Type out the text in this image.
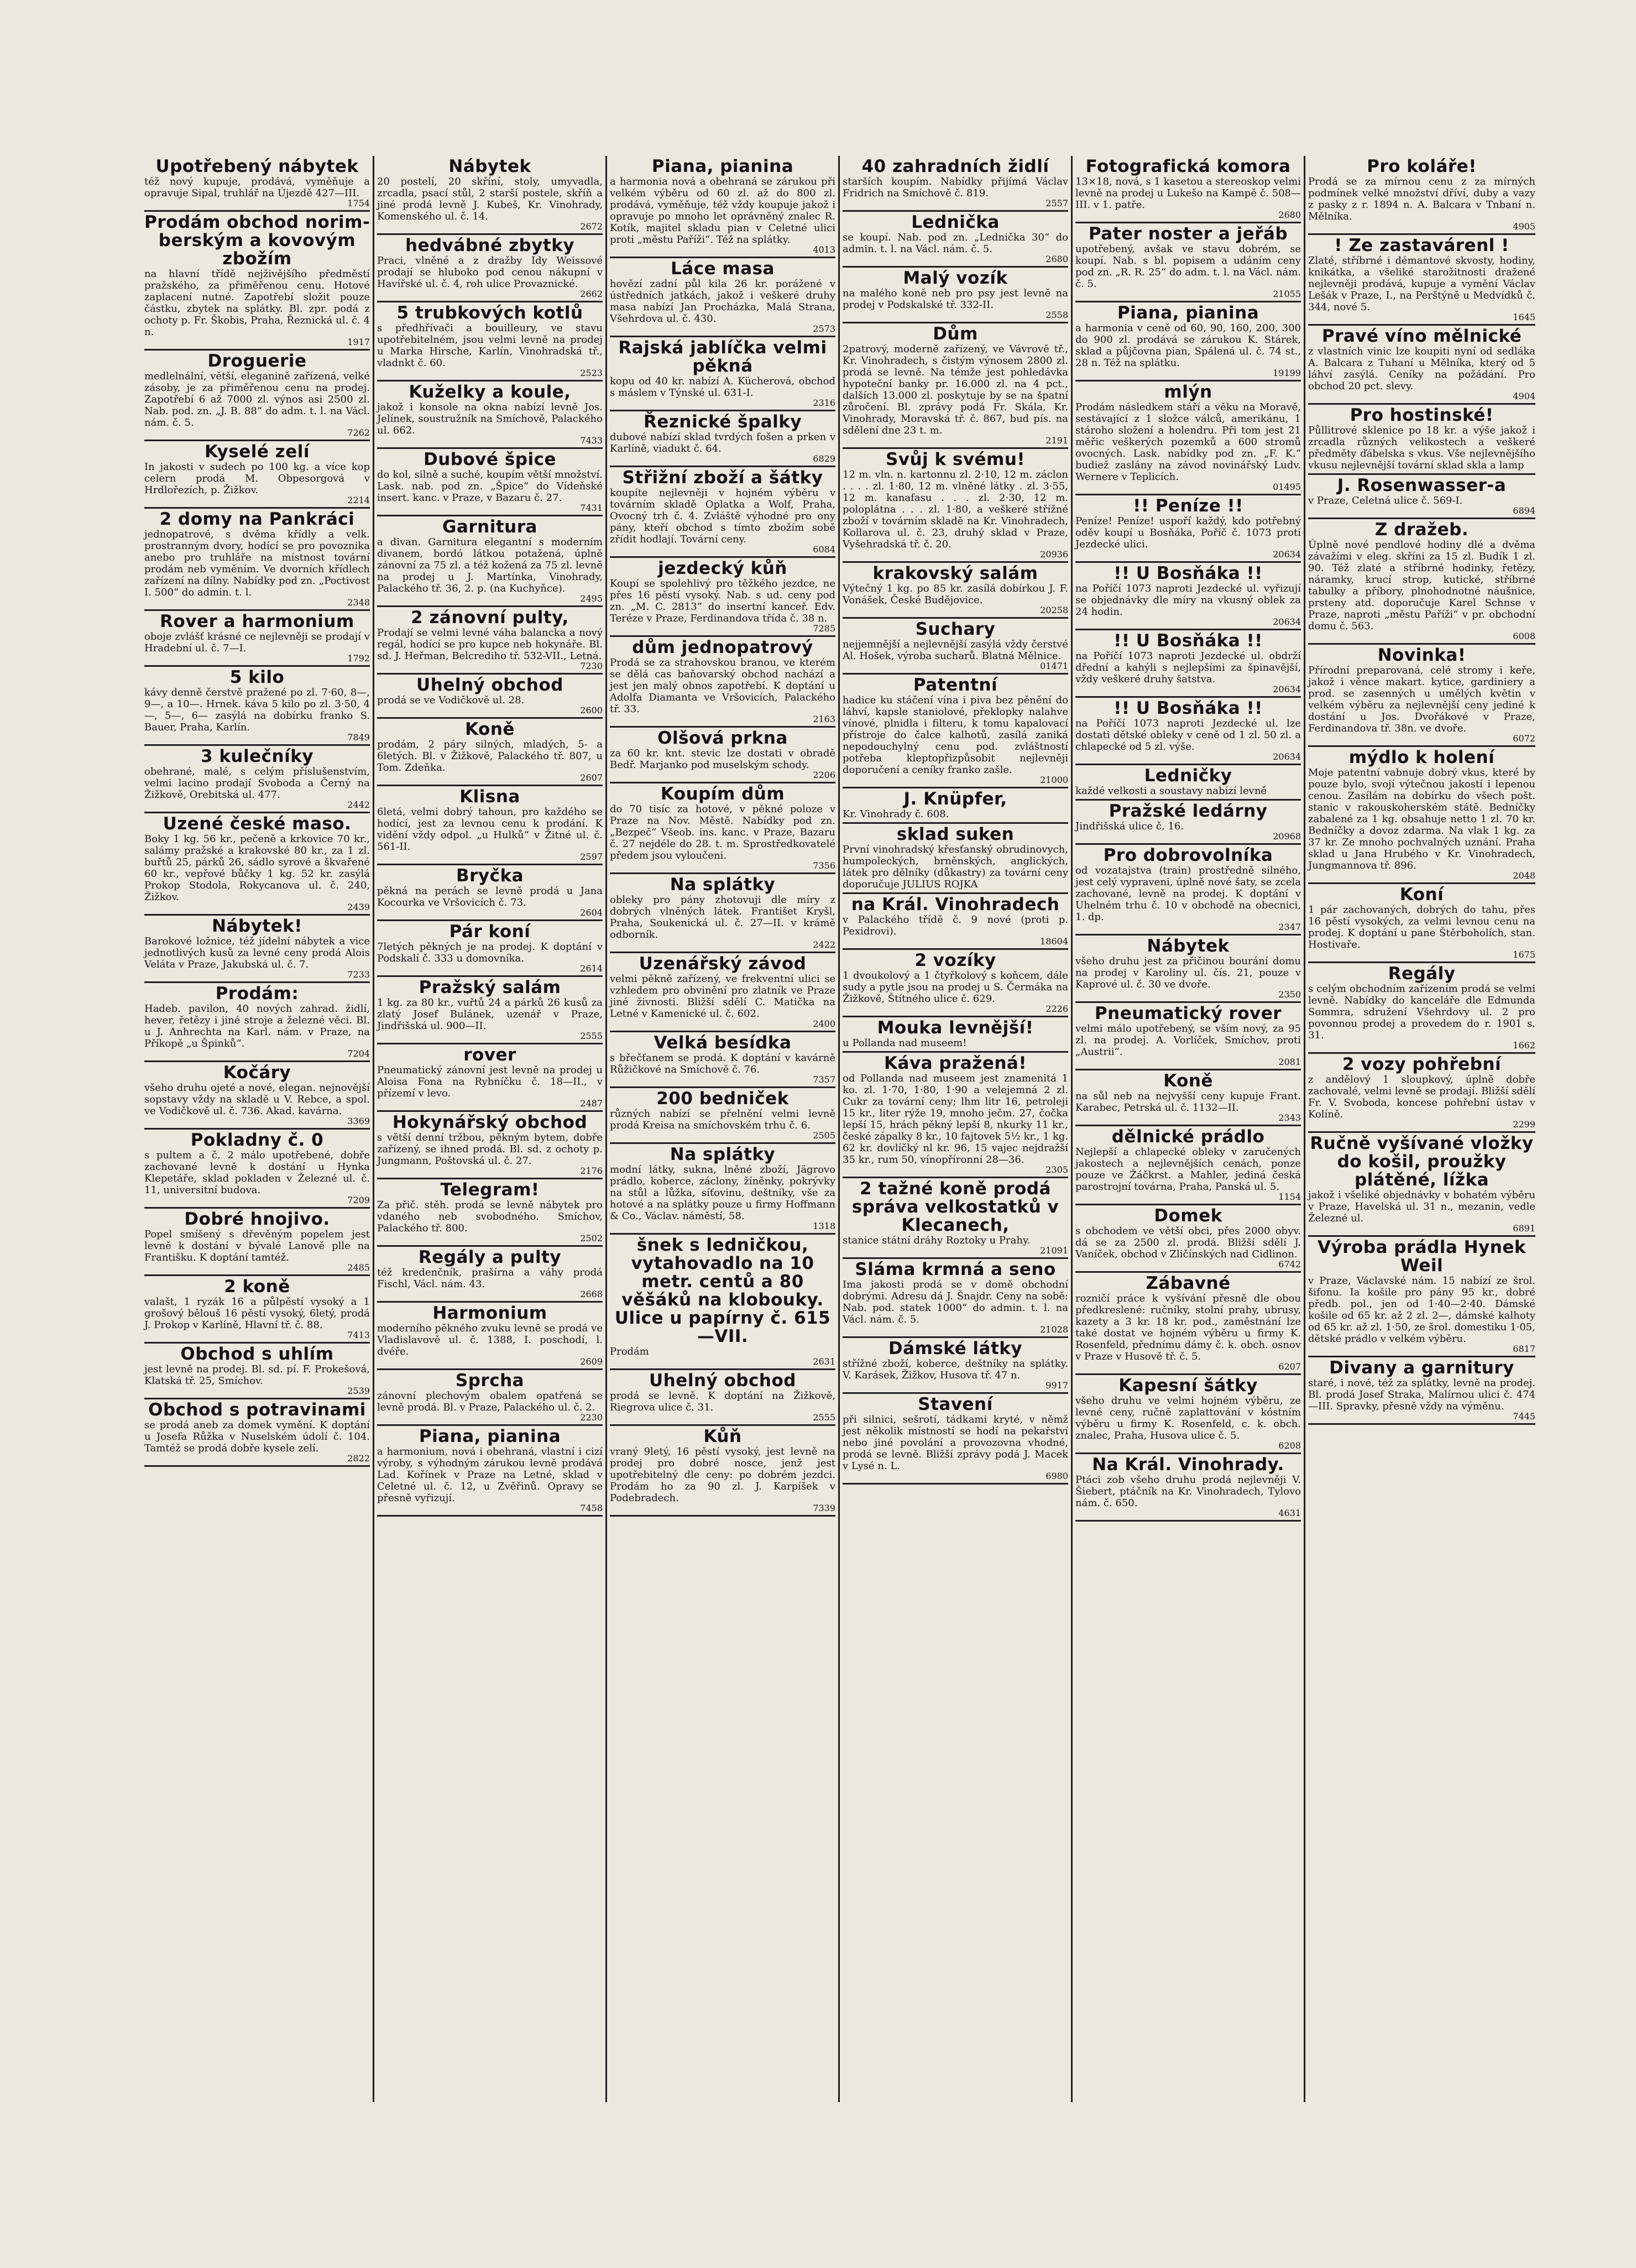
Upotřebený nábytek
též nový kupuje, prodává, vyměňuje a opravuje Sipal, truhlář na Újezdě 427—III.
1754
Prodám obchod norimberským a kovovým zbožím
na hlavní třídě nejživějšího předměstí pražského, za přiměřenou cenu. Hotové zaplacení nutné. Zapotřebí složit pouze částku, zbytek na splátky. Bl. zpr. podá z ochoty p. Fr. Škobis, Praha, Řeznická ul. č. 4 n.
1917
Droguerie
medlelnální, větší, eleganině zařízená, velké zásoby, je za přiměřenou cenu na prodej. Zapotřebí 6 až 7000 zl. výnos asi 2500 zl. Nab. pod. zn. „J. B. 88“ do adm. t. l. na Václ. nám. č. 5.
7262
Kyselé zelí
In jakosti v sudech po 100 kg. a více kop celern prodá M. Obpesorgová v Hrdlořezích, p. Žižkov.
2214
2 domy na Pankráci
jednopatrové, s dvěma křídly a velk. prostranným dvory, hodící se pro povoznika anebo pro truhláře na místnost tovární prodám neb vyměním. Ve dvorních křídlech zařízení na dílny. Nabídky pod zn. „Poctivost I. 500“ do admin. t. l.
2348
Rover a harmonium
oboje zvlášť krásné ce nejlevněji se prodají v Hradební ul. č. 7—I.
1792
5 kilo
kávy denně čerstvě pražené po zl. 7·60, 8—, 9—, a 10—. Hrnek. káva 5 kilo po zl. 3·50, 4—, 5—, 6— zasýlá na dobírku franko S. Bauer, Praha, Karlín.
7849
3 kulečníky
obehrané, malé, s celým příslušenstvím, velmi lacino prodají Svoboda a Černý na Žižkově, Orebitská ul. 477.
2442
Uzené české maso.
Boky 1 kg. 56 kr., pečeně a krkovice 70 kr., salámy pražské a krakovské 80 kr., za 1 zl. buřtů 25, párků 26, sádlo syrové a škvařené 60 kr., vepřové bůčky 1 kg. 52 kr. zasýlá Prokop Stodola, Rokycanova ul. č. 240, Žižkov.
2439
Nábytek!
Barokové ložnice, též jídelní nábytek a vice jednotlivých kusů za levné ceny prodá Alois Veláta v Praze, Jakubská ul. č. 7.
7233
Prodám:
Hadeb. pavilon, 40 nových zahrad. židlí, hever, řetězy i jiné stroje a železné věci. Bl. u J. Anhrechta na Karl. nám. v Praze, na Příkopě „u Špinků“.
7204
Kočáry
všeho druhu ojeté a nové, elegan. nejnovější sopstavy vždy na skladě u V. Rebce, a spol. ve Vodičkově ul. č. 736. Akad. kavárna.
3369
Pokladny č. 0
s pultem a č. 2 málo upotřebené, dobře zachované levně k dostání u Hynka Klepetáře, sklad pokladen v Železné ul. č. 11, universitní budova.
7209
Dobré hnojivo.
Popel smíšený s dřevěným popelem jest levně k dostání v bývalé Lanově plle na Františku. K doptání tamtéž.
2485
2 koně
valašt, 1 ryzák 16 a půlpěstí vysoký a 1 grošový bělouš 16 pěstí vysoký, 6letý, prodá J. Prokop v Karlíně, Hlavní tř. č. 88.
7413
Obchod s uhlím
jest levně na prodej. Bl. sd. pí. F. Prokešová, Klatská tř. 25, Smíchov.
2539
Obchod s potravinami
se prodá aneb za domek vymění. K doptání u Josefa Růžka v Nuselském údolí č. 104. Tamtéž se prodá dobře kysele zelí.
2822
Nábytek
20 postelí, 20 skříní, stoly, umyvadla, zrcadla, psací stůl, 2 starší postele, skříň a jiné prodá levně J. Kubeš, Kr. Vinohrady, Komenského ul. č. 14.
2672
hedvábné zbytky
Praci, vlněné a z dražby Idy Weissové prodají se hluboko pod cenou nákupní v Havířské ul. č. 4, roh ulice Provaznické.
2662
5 trubkových kotlů
s předhřívači a bouilleury, ve stavu upotřebitelném, jsou velmi levně na prodej u Marka Hirsche, Karlín, Vinohradská tř., vladnkt č. 60.
2523
Kuželky a koule,
jakož i konsole na okna nabízí levně Jos. Jelínek, soustružník na Smíchově, Palackého ul. 662.
7433
Dubové špice
do kol, silně a suché, koupím větší množství. Lask. nab. pod zn. „Špice“ do Vídeňské insert. kanc. v Praze, v Bazaru č. 27.
7431
Garnitura
a divan. Garnitura elegantní s moderním divanem, bordó látkou potažená, úplně zánovní za 75 zl. a též kožená za 75 zl. levně na prodej u J. Martínka, Vinohrady, Palackého tř. 36, 2. p. (na Kuchyňce).
2495
2 zánovní pulty,
Prodají se velmi levné váha balancka a nový regál, hodící se pro kupce neb hokynáře. Bl. sd. J. Heřman, Belcrediho tř. 532-VII., Letná.
7230
Uhelný obchod
prodá se ve Vodičkově ul. 28.
2600
Koně
prodám, 2 páry silných, mladých, 5- a 6letých. Bl. v Žižkově, Palackého tř. 807, u Tom. Zdeňka.
2607
Klisna
6letá, velmi dobrý tahoun, pro každého se hodící, jest za levnou cenu k prodání. K vidění vždy odpol. „u Hulků“ v Žitné ul. č. 561-II.
2597
Bryčka
pěkná na perách se levně prodá u Jana Kocourka ve Vršovicích č. 73.
2604
Pár koní
7letých pěkných je na prodej. K doptání v Podskalí č. 333 u domovníka.
2614
Pražský salám
1 kg. za 80 kr., vuřtů 24 a párků 26 kusů za zlatý Josef Bulánek, uzenář v Praze, Jindřišská ul. 900—II.
2555
rover
Pneumatický zánovní jest levně na prodej u Aloisa Fona na Rybníčku č. 18—II., v přízemí v levo.
2487
Hokynářský obchod
s větší denní tržbou, pěkným bytem, dobře zařízený, se ihned prodá. Bl. sd. z ochoty p. Jungmann, Poštovská ul. č. 27.
2176
Telegram!
Za přič. stěh. prodá se levně nábytek pro vdaného neb svobodného. Smíchov, Palackého tř. 800.
2502
Regály a pulty
též kredenčník, prašírna a váhy prodá Fischl, Václ. nám. 43.
2668
Harmonium
moderního pěkného zvuku levně se prodá ve Vladislavově ul. č. 1388, I. poschodí, l. dvéře.
2609
Sprcha
zánovní plechovým obalem opatřená se levně prodá. Bl. v Praze, Palackého ul. č. 2.
2230
Piana, pianina
a harmonium, nová i obehraná, vlastní i cizí výroby, s výhodným zárukou levně prodává Lad. Kořínek v Praze na Letné, sklad v Celetné ul. č. 12, u Zvěřinů. Opravy se přesně vyřizují.
7458
Piana, pianina
a harmonia nová a obehraná se zárukou při velkém výběru od 60 zl. až do 800 zl. prodává, vyměňuje, též vždy koupuje jakož i opravuje po mnoho let oprávněný znalec R. Kotík, majitel skladu pian v Celetné ulici proti „městu Paříži“. Též na splátky.
4013
Láce masa
hovězí zadní půl kila 26 kr. porážené v ústředních jatkách, jakož i veškeré druhy masa nabízí Jan Procházka, Malá Strana, Všehrdova ul. č. 430.
2573
Rajská jablíčka velmi pěkná
kopu od 40 kr. nabízí A. Kücherová, obchod s máslem v Týnské ul. 631-I.
2316
Řeznické špalky
dubové nabízí sklad tvrdých fošen a prken v Karlíně, viadukt č. 64.
6829
Střižní zboží a šátky
koupíte nejlevněji v hojném výběru v továrním skladě Oplatka a Wolf, Praha, Ovocný trh č. 4. Zvláště výhodné pro ony pány, kteří obchod s tímto zbožím sobě zřídit hodlají. Tovární ceny.
6084
jezdecký kůň
Koupí se spolehlivý pro těžkého jezdce, ne přes 16 pěstí vysoký. Nab. s ud. ceny pod zn. „M. C. 2813“ do insertní kanceř. Edv. Teréze v Praze, Ferdinandova třída č. 38 n.
7285
dům jednopatrový
Prodá se za strahovskou branou, ve kterém se dělá cas baňovarský obchod nachází a jest jen malý obnos zapotřebí. K doptání u Adolfa Diamanta ve Vršovicích, Palackého tř. 33.
2163
Olšová prkna
za 60 kr. knt. stevic lze dostati v obradě Bedř. Marjanko pod muselským schody.
2206
Koupím dům
do 70 tisíc za hotové, v pěkné poloze v Praze na Nov. Městě. Nabídky pod zn. „Bezpeč“ Všeob. ins. kanc. v Praze, Bazaru č. 27 nejdéle do 28. t. m. Sprostředkovatelé předem jsou vyloučeni.
7356
Na splátky
obleky pro pány zhotovuji dle míry z dobrých vlněných látek. Františet Kryšl, Praha, Soukenická ul. č. 27—II. v krámě odborník.
2422
Uzenářský závod
velmi pěkně zařízený, ve frekventní ulici se vzhledem pro obvinění pro zlatník ve Praze jiné živnosti. Bližší sdělí C. Matička na Letné v Kamenické ul. č. 602.
2400
Velká besídka
s břečťanem se prodá. K doptání v kavárně Růžičkové na Smíchově č. 76.
7357
200 bedniček
různých nabízí se přelnění velmi levně prodá Kreisa na smíchovském trhu č. 6.
2505
Na splátky
modní látky, sukna, lněné zboží, Jägrovo prádlo, koberce, záclony, žíněnky, pokrývky na stůl a lůžka, síťovinu, deštníky, vše za hotové a na splátky pouze u firmy Hoffmann & Co., Václav. náměstí, 58.
1318
šnek s ledničkou, vytahovadlo na 10 metr. centů a 80 věšáků na klobouky. Ulice u papírny č. 615—VII.
Prodám
2631
Uhelný obchod
prodá se levně. K doptání na Žižkově, Riegrova ulice č. 31.
2555
Kůň
vraný 9letý, 16 pěstí vysoký, jest levně na prodej pro dobré nosce, jenž jest upotřebitelný dle ceny: po dobrém jezdci. Prodám ho za 90 zl. J. Karpíšek v Podebradech.
7339
40 zahradních židlí
starších koupím. Nabídky přijímá Václav Fridrich na Smíchově č. 819.
2557
Lednička
se koupí. Nab. pod zn. „Lednička 30“ do admin. t. l. na Václ. nám. č. 5.
2680
Malý vozík
na malého koně neb pro psy jest levně na prodej v Podskalské tř. 332-II.
2558
Dům
2patrový, moderně zařízený, ve Vávrově tř., Kr. Vinohradech, s čistým výnosem 2800 zl. prodá se levně. Na témže jest pohledávka hypoteční banky pr. 16.000 zl. na 4 pct., dalších 13.000 zl. poskytuje by se na špatní zůročení. Bl. zprávy podá Fr. Skála, Kr. Vinohrady, Moravská tř. č. 867, bud pís. na sdělení dne 23 t. m.
2191
Svůj k svému!
12 m. vln. n. kartonnu zl. 2·10, 12 m. záclon . . . . zl. 1·80, 12 m. vlněné látky . zl. 3·55, 12 m. kanafasu . . . zl. 2·30, 12 m. poloplátna . . . zl. 1·80, a veškeré střížné zboží v továrním skladě na Kr. Vinohradech, Kollarova ul. č. 23, druhý sklad v Praze, Vyšehradská tř. č. 20.
20936
krakovský salám
Výtečný 1 kg. po 85 kr. zasílá dobírkou J. F. Vonášek, České Budějovice.
20258
Suchary
nejjemnější a nejlevnější zasýlá vždy čerstvé Al. Hošek, výroba sucharů. Blatná Mělnice.
01471
Patentní
hadice ku stáčení vína i piva bez pěnění do láhví, kapsle staniolové, překlopky nalahve vínové, plnidla i filteru, k tomu kapalovací přístroje do čalce kalhotů, zasílá zaniká nepodouchylný cenu pod. zvláštností potřeba kleptopřizpůsobit nejlevněji doporučení a ceníky franko zašle.
21000
J. Knüpfer,
Kr. Vinohrady č. 608.
sklad suken
První vinohradský křesťanský obrudinovych, humpoleckých, brněnských, anglických, látek pro dělníky (důkastry) za tovární ceny doporučuje JULIUS ROJKA
na Král. Vinohradech
v Palackého třídě č. 9 nové (proti p. Pexidrovi).
18604
2 vozíky
1 dvoukolový a 1 čtyřkolový s koňcem, dále sudy a pytle jsou na prodej u S. Čermáka na Žižkově, Štítného ulice č. 629.
2226
Mouka levnější!
u Pollanda nad museem!
Káva pražená!
od Pollanda nad museem jest znamenitá 1 ko. zl. 1·70, 1·80, 1·90 a velejemná 2 zl. Cukr za tovární ceny; lhm litr 16, petroleji 15 kr., liter rýže 19, mnoho ječm. 27, čočka lepší 15, hrách pěkný lepší 8, nkurky 11 kr., české zápalky 8 kr., 10 fajtovek 5½ kr., 1 kg. 62 kr. dovlíčký nl kr. 96, 15 vajec nejdražší 35 kr., rum 50, vínopříronní 28—36.
2305
2 tažné koně prodá správa velkostatků v Klecanech,
stanice státní dráhy Roztoky u Prahy.
21091
Sláma krmná a seno
Ima jakosti prodá se v domě obchodní dobrými. Adresu dá J. Šnajdr. Ceny na sobě: Nab. pod. statek 1000“ do admin. t. l. na Václ. nám. č. 5.
21028
Dámské látky
střížné zboží, koberce, deštníky na splátky. V. Karásek, Žižkov, Husova tř. 47 n.
9917
Stavení
při silnici, sešrotí, tádkami kryté, v němž jest několik místností se hodí na pekařství nebo jiné povolání a provozovna vhodné, prodá se levně. Bližší zprávy podá J. Macek v Lysé n. L.
6980
Fotografická komora
13×18, nová, s 1 kasetou a stereoskop velmi levně na prodej u Lukešo na Kampě č. 508—III. v 1. patře.
2680
Pater noster a jeřáb
upotřebený, avšak ve stavu dobrém, se koupí. Nab. s bl. popisem a udáním ceny pod zn. „R. R. 25“ do adm. t. l. na Václ. nám. č. 5.
21055
Piana, pianina
a harmonia v ceně od 60, 90, 160, 200, 300 do 900 zl. prodává se zárukou K. Stárek, sklad a půjčovna pian, Spálená ul. č. 74 st., 28 n. Též na splátku.
19199
mlýn
Prodám následkem stáří a věku na Moravě, sestávající z 1 složce válců, amerikánu, 1 stároho složení a holendru. Při tom jest 21 měřic veškerých pozemků a 600 stromů ovocných. Lask. nabídky pod zn. „F. K.“ budiež zaslány na závod novinářský Ludv. Wernere v Teplicích.
01495
!! Peníze !!
Peníze! Peníze! uspoří každý, kdo potřebný oděv koupí u Bosňáka, Poříč č. 1073 proti Jezdecké ulici.
20634
!! U Bosňáka !!
na Poříčí 1073 naproti Jezdecké ul. vyřizují se objednávky dle míry na vkusný oblek za 24 hodin.
20634
!! U Bosňáka !!
na Poříčí 1073 naproti Jezdecké ul. obdrží dřední a kahýli s nejlepšími za špinavější, vždy veškeré druhy šatstva.
20634
!! U Bosňáka !!
na Poříčí 1073 naproti Jezdecké ul. lze dostati dětské obleky v ceně od 1 zl. 50 zl. a chlapecké od 5 zl. výše.
20634
Ledničky
každé velkosti a soustavy nabízí levně
Pražské ledárny
Jindřišská ulice č. 16.
20968
Pro dobrovolníka
od vozatajstva (train) prostředně silného, jest celý vypraveni, úplně nové šaty, se zcela zachované, levně na prodej. K doptání v Uhelném trhu č. 10 v obchodě na obecnici, 1. dp.
2347
Nábytek
všeho druhu jest za přičinou bourání domu na prodej v Karoliny ul. čís. 21, pouze v Kaprové ul. č. 30 ve dvoře.
2350
Pneumatický rover
velmi málo upotřebený, se vším nový, za 95 zl. na prodej. A. Vorlíček, Smíchov, proti „Austrii“.
2081
Koně
na sůl neb na nejvyšší ceny kupuje Frant. Karabec, Petrská ul. č. 1132—II.
2343
dělnické prádlo
Nejlepší a chlapecké obleky v zaručených jakostech a nejlevnějších cenách, ponze pouze ve Žáčkrst. a Mahler, jediná česká parostrojní továrna, Praha, Panská ul. 5.
1154
Domek
s obchodem ve větší obci, přes 2000 obyv. dá se za 2500 zl. prodá. Bližší sdělí J. Vaníček, obchod v Zličínských nad Cidlinon.
6742
Zábavné
rozničí práce k vyšívání přesně dle obou předkreslené: ručníky, stolní prahy, ubrusy, kazety a 3 kr. 18 kr. pod., zaměstnání lze také dostat ve hojném výběru u firmy K. Rosenfeld, přednímu dámy č. k. obch. osnov v Praze v Husově tř. č. 5.
6207
Kapesní šátky
všeho druhu ve velmi hojném výběru, ze levné ceny, ručně zaplattování v kóstním výběru u firmy K. Rosenfeld, c. k. obch. znalec, Praha, Husova ulice č. 5.
6208
Na Král. Vinohrady.
Ptáci zob všeho druhu prodá nejlevněji V. Šiebert, ptáčník na Kr. Vinohradech, Tylovo nám. č. 650.
4631
Pro koláře!
Prodá se za mírnou cenu z za mírných podmínek velké množství dříví, duby a vazy z pasky z r. 1894 n. A. Balcara v Tnbaní n. Mělníka.
4905
! Ze zastavárenl !
Zlaté, stříbrné i démantové skvosty, hodiny, knikátka, a všeliké starožitnosti dražené nejlevněji prodává, kupuje a vymění Václav Lešák v Praze, I., na Perštýně u Medvídků č. 344, nové 5.
1645
Pravé víno mělnické
z vlastních vinic lze koupiti nyní od sedláka A. Balcara z Tuhaní u Mělníka, který od 5 láhví zasýlá. Ceníky na požádání. Pro obchod 20 pct. slevy.
4904
Pro hostinské!
Půllitrové sklenice po 18 kr. a výše jakož i zrcadla různých velikostech a veškeré předměty ďábelska s vkus. Vše nejlevnějšího vkusu nejlevnější tovární sklad skla a lamp
J. Rosenwasser-a
v Praze, Celetná ulice č. 569-I.
6894
Z dražeb.
Úplně nové pendlové hodiny dlé a dvěma závažími v eleg. skříni za 15 zl. Budík 1 zl. 90. Též zlaté a stříbrné hodinky, řetězy, náramky, krucí strop, kutické, stříbrné tabulky a příbory, plnohodnotné náušnice, prsteny atd. doporučuje Karel Schnse v Praze, naproti „městu Paříži“ v pr. obchodní domu č. 563.
6008
Novinka!
Přírodní preparovaná, celé stromy i keře, jakož i věnce makart. kytice, gardiniery a prod. se zasenných u umělých květin v velkém výběru za nejlevnější ceny jediné k dostání u Jos. Dvořákové v Praze, Ferdinandova tř. 38n. ve dvoře.
6072
mýdlo k holení
Moje patentní vabnuje dobrý vkus, které by pouze bylo, svojí výtečnou jakostí i lepenou cenou. Zasílám na dobírku do všech pošt. stanic v rakouskoherském státě. Bedníčky zabalené za 1 kg. obsahuje netto 1 zl. 70 kr. Bedníčky a dovoz zdarma. Na vlak 1 kg. za 37 kr. Ze mnoho pochvalných uznání. Praha sklad u Jana Hrubého v Kr. Vinohradech, Jungmannova tř. 896.
2048
Koní
1 pár zachovaných, dobrých do tahu, přes 16 pěstí vysokých, za velmi levnou cenu na prodej. K doptání u pane Štěrboholích, stan. Hostivaře.
1675
Regály
s celým obchodním zařízením prodá se velmi levně. Nabídky do kanceláře dle Edmunda Sommra, sdružení Všehrdovy ul. 2 pro povonnou prodej a provedem do r. 1901 s. 31.
1662
2 vozy pohřební
z andělový 1 sloupkový, úplně dobře zachovalé, velmi levně se prodají. Bližší sdělí Fr. V. Svoboda, koncese pohřební ústav v Kolíně.
2299
Ručně vyšívané vložky do košil, proužky plátěné, lížka
jakož i všeliké objednávky v bohatém výběru v Praze, Havelská ul. 31 n., mezanin, vedle Železné ul.
6891
Výroba prádla Hynek Weil
v Praze, Václavské nám. 15 nabízí ze šrol. šifonu. Ia košile pro pány 95 kr., dobré předb. pol., jen od 1·40—2·40. Dámské košile od 65 kr. až 2 zl. 2—, dámské kalhoty od 65 kr. až zl. 1·50, ze šrol. domestiku 1·05, dětské prádlo v velkém výběru.
6817
Divany a garnitury
staré, i nové, též za splátky, levně na prodej. Bl. prodá Josef Straka, Malírnou ulici č. 474—III. Spravky, přesně vždy na výměnu.
7445
